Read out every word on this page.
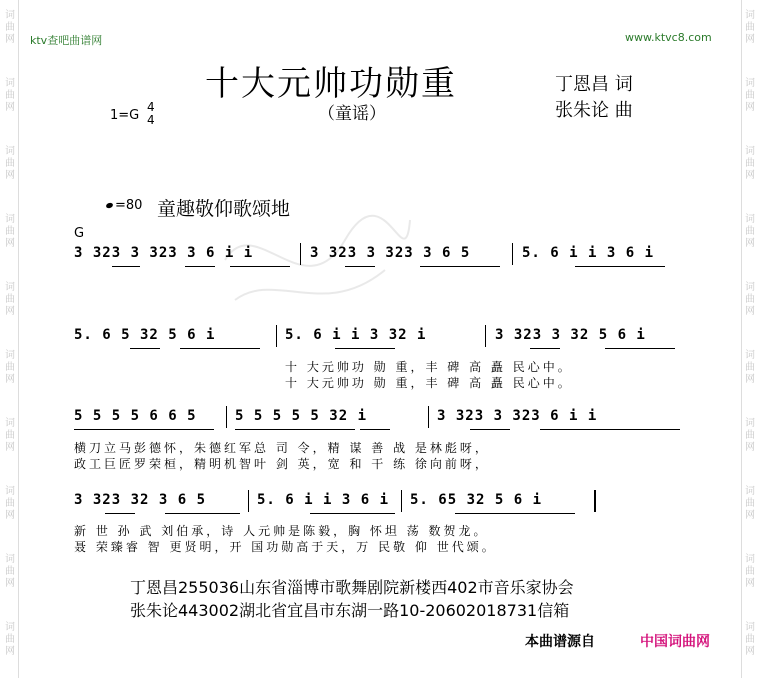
词
曲
网
词
曲
网
词
曲
网
词
曲
网
词
曲
网
词
曲
网
词
曲
网
词
曲
网
词
曲
网
词
曲
网
词
曲
网
词
曲
网
词
曲
网
词
曲
网
词
曲
网
词
曲
网
词
曲
网
词
曲
网
词
曲
网
词
曲
网
ktv查吧曲谱网	www.ktvc8.com
十大元帅功勋重
（童谣）
丁恩昌 词
张朱论 曲
1=G
4
4
=80 童趣敬仰歌颂地
G
3 323 3 323 3 6 i i	3 323 3 323 3 6 5	5. 6 i i 3 6 i
5. 6 5 32 5 6 i	5. 6 i i 3 32 i	3 323 3 32 5 6 i
十 大元帅功 勋 重，丰 碑 高 矗 民心中。
十 大元帅功 勋 重，丰 碑 高 矗 民心中。
5 5 5 5 6 6 5	5 5 5 5 5 32 i	3 323 3 323 6 i i
横刀立马彭德怀，朱德红军总 司 令，精 谋 善 战 是林彪呀，
政工巨匠罗荣桓，精明机智叶 剑 英，宽 和 干 练 徐向前呀，
3 323 32 3 6 5	5. 6 i i 3 6 i 5. 65 32 5 6 i
新 世 孙 武 刘伯承，诗 人元帅是陈毅，胸 怀坦 荡 数贺龙。
聂 荣臻睿 智 更贤明，开 国功勋高于天，万 民敬 仰 世代颂。
丁恩昌255036山东省淄博市歌舞剧院新楼西402市音乐家协会
张朱论443002湖北省宜昌市东湖一路10-20602018731信箱
本曲谱源自	中国词曲网
